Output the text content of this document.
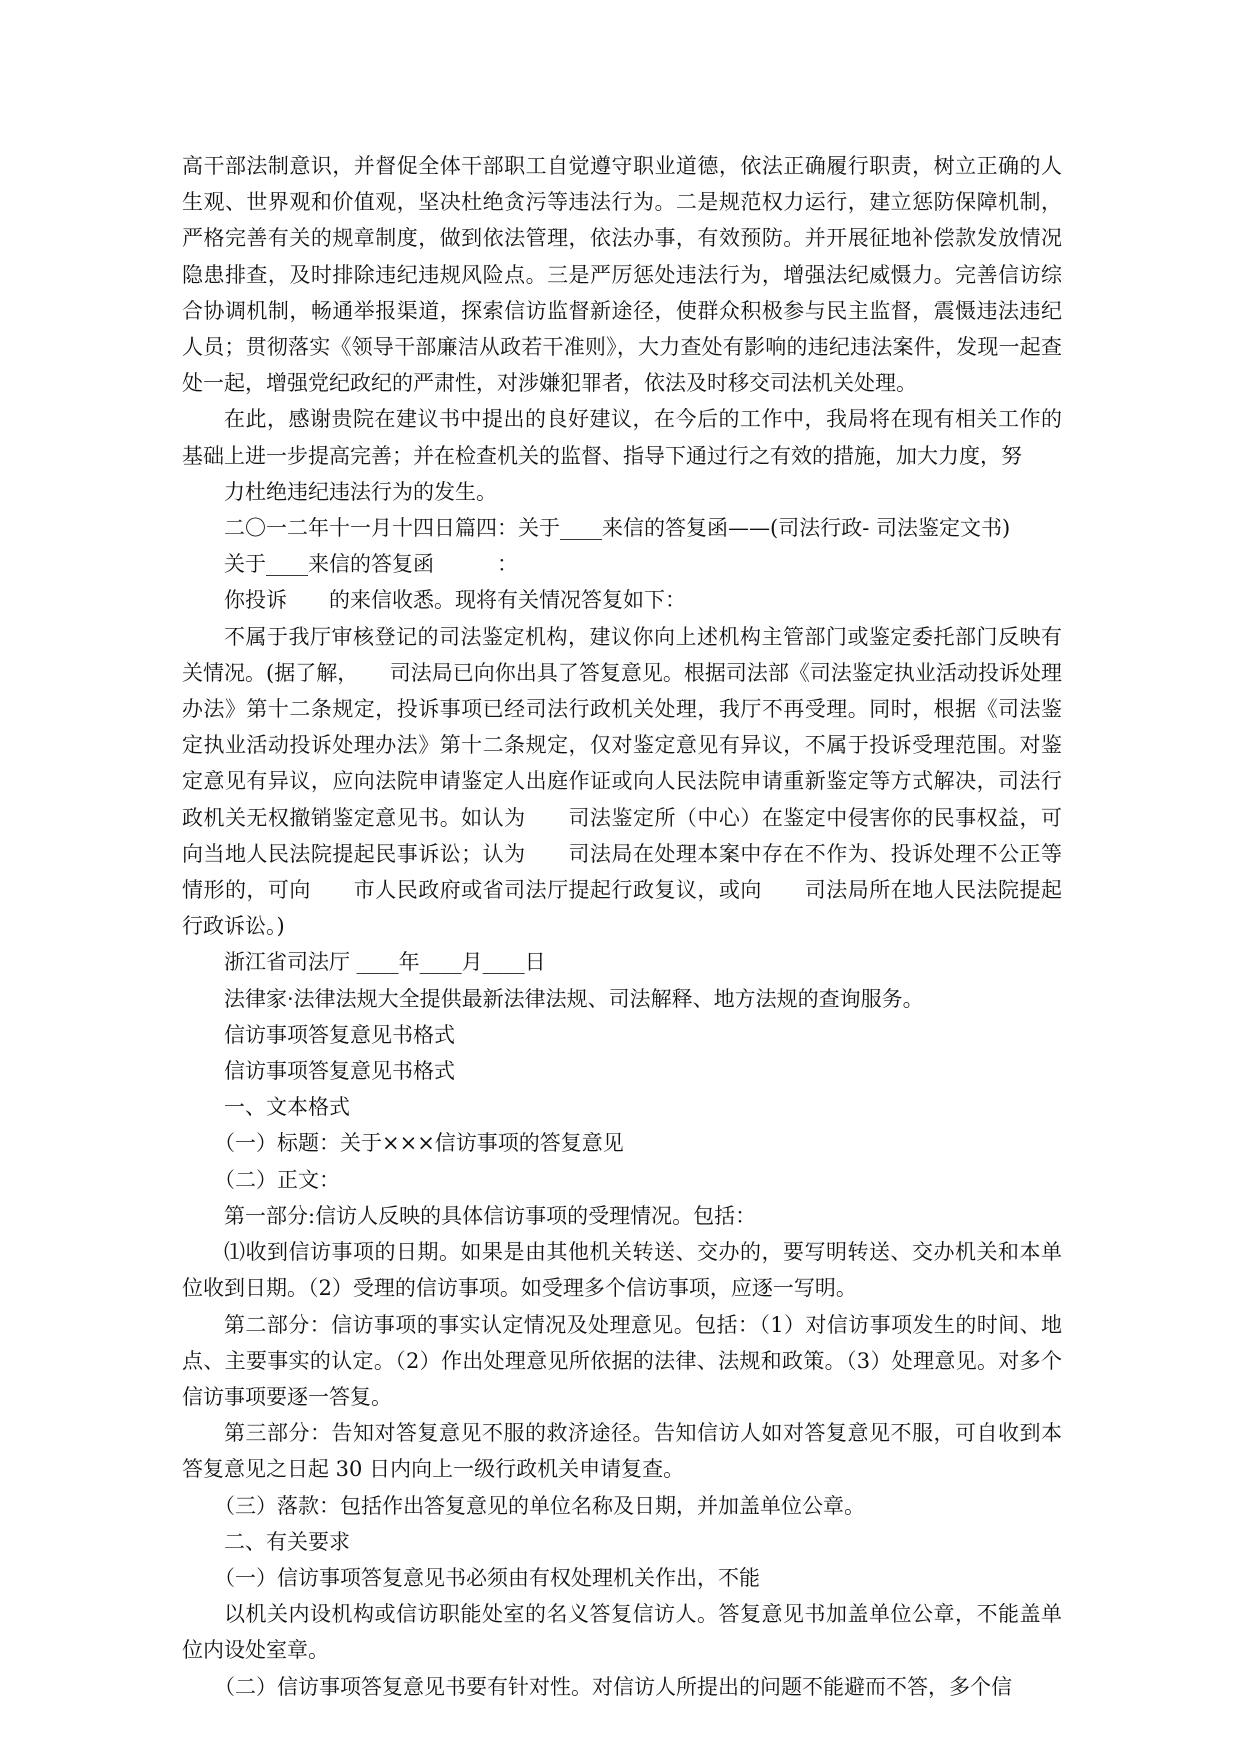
高干部法制意识，并督促全体干部职工自觉遵守职业道德，依法正确履行职责，树立正确的人生观、世界观和价值观，坚决杜绝贪污等违法行为。二是规范权力运行，建立惩防保障机制，严格完善有关的规章制度，做到依法管理，依法办事，有效预防。并开展征地补偿款发放情况隐患排查，及时排除违纪违规风险点。三是严厉惩处违法行为，增强法纪威慑力。完善信访综合协调机制，畅通举报渠道，探索信访监督新途径，使群众积极参与民主监督，震慑违法违纪人员；贯彻落实《领导干部廉洁从政若干准则》，大力查处有影响的违纪违法案件，发现一起查处一起，增强党纪政纪的严肃性，对涉嫌犯罪者，依法及时移交司法机关处理。

在此，感谢贵院在建议书中提出的良好建议，在今后的工作中，我局将在现有相关工作的基础上进一步提高完善；并在检查机关的监督、指导下通过行之有效的措施，加大力度，努

力杜绝违纪违法行为的发生。

二〇一二年十一月十四日篇四：关于____来信的答复函——(司法行政- 司法鉴定文书)

关于____来信的答复函　　　：

你投诉　　的来信收悉。现将有关情况答复如下：

不属于我厅审核登记的司法鉴定机构，建议你向上述机构主管部门或鉴定委托部门反映有关情况。(据了解，　　司法局已向你出具了答复意见。根据司法部《司法鉴定执业活动投诉处理办法》第十二条规定，投诉事项已经司法行政机关处理，我厅不再受理。同时，根据《司法鉴定执业活动投诉处理办法》第十二条规定，仅对鉴定意见有异议，不属于投诉受理范围。对鉴定意见有异议，应向法院申请鉴定人出庭作证或向人民法院申请重新鉴定等方式解决，司法行政机关无权撤销鉴定意见书。如认为　　司法鉴定所（中心）在鉴定中侵害你的民事权益，可向当地人民法院提起民事诉讼；认为　　司法局在处理本案中存在不作为、投诉处理不公正等情形的，可向　　市人民政府或省司法厅提起行政复议，或向　　司法局所在地人民法院提起行政诉讼。)

浙江省司法厅 ____年____月____日

法律家·法律法规大全提供最新法律法规、司法解释、地方法规的查询服务。

信访事项答复意见书格式

信访事项答复意见书格式

一、文本格式

（一）标题：关于×××信访事项的答复意见

（二）正文：

第一部分:信访人反映的具体信访事项的受理情况。包括：

⑴收到信访事项的日期。如果是由其他机关转送、交办的，要写明转送、交办机关和本单位收到日期。（2）受理的信访事项。如受理多个信访事项，应逐一写明。

第二部分：信访事项的事实认定情况及处理意见。包括：（1）对信访事项发生的时间、地点、主要事实的认定。（2）作出处理意见所依据的法律、法规和政策。（3）处理意见。对多个信访事项要逐一答复。

第三部分：告知对答复意见不服的救济途径。告知信访人如对答复意见不服，可自收到本答复意见之日起 30 日内向上一级行政机关申请复查。

（三）落款：包括作出答复意见的单位名称及日期，并加盖单位公章。

二、有关要求

（一）信访事项答复意见书必须由有权处理机关作出，不能

以机关内设机构或信访职能处室的名义答复信访人。答复意见书加盖单位公章，不能盖单位内设处室章。

（二）信访事项答复意见书要有针对性。对信访人所提出的问题不能避而不答，多个信
